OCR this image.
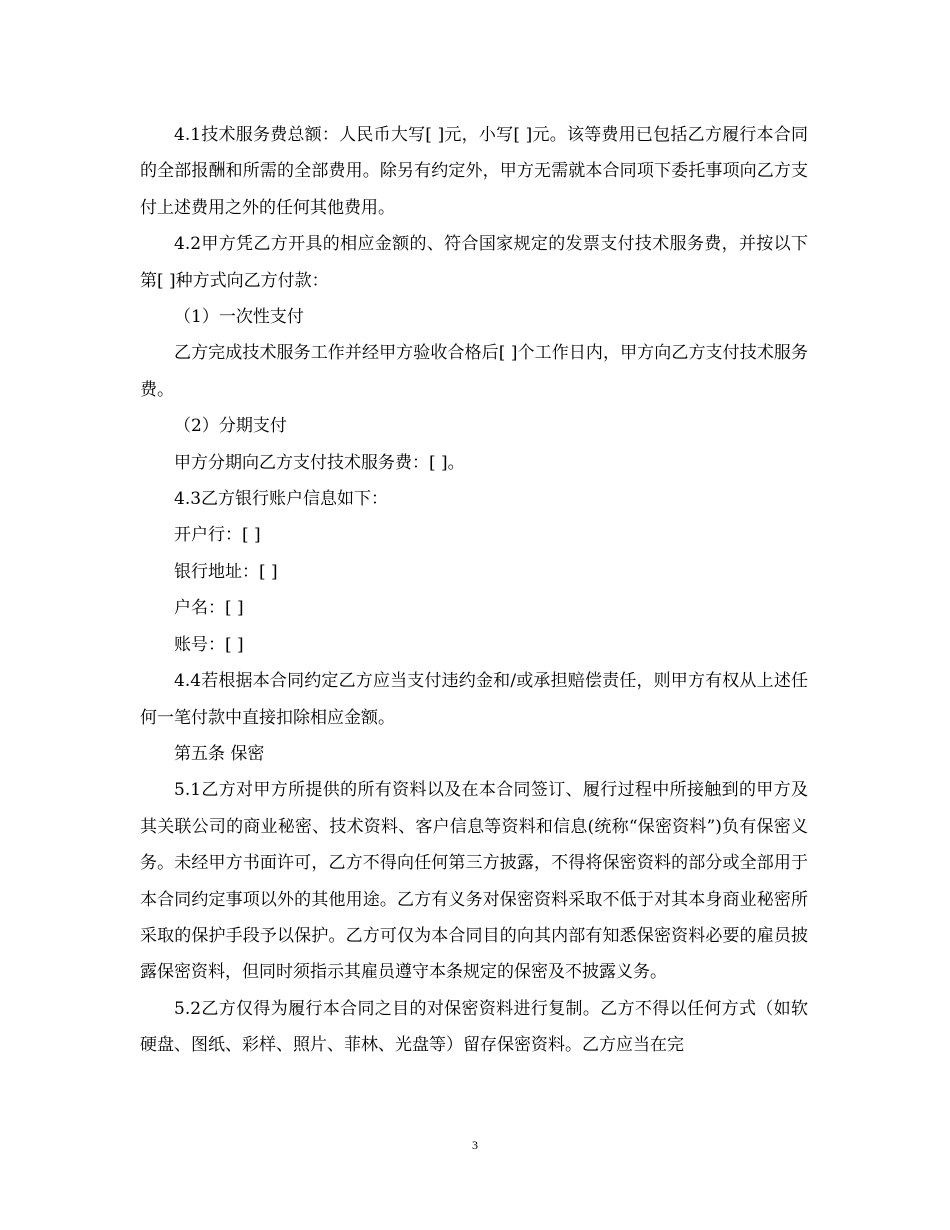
4.1技术服务费总额：人民币大写[ ]元，小写[ ]元。该等费用已包括乙方履行本合同的全部报酬和所需的全部费用。除另有约定外，甲方无需就本合同项下委托事项向乙方支付上述费用之外的任何其他费用。

4.2甲方凭乙方开具的相应金额的、符合国家规定的发票支付技术服务费，并按以下第[ ]种方式向乙方付款：

（1）一次性支付

乙方完成技术服务工作并经甲方验收合格后[ ]个工作日内，甲方向乙方支付技术服务费。

（2）分期支付

甲方分期向乙方支付技术服务费：[ ]。

4.3乙方银行账户信息如下：

开户行：[ ]

银行地址：[ ]

户名：[ ]

账号：[ ]

4.4若根据本合同约定乙方应当支付违约金和/或承担赔偿责任，则甲方有权从上述任何一笔付款中直接扣除相应金额。

第五条 保密

5.1乙方对甲方所提供的所有资料以及在本合同签订、履行过程中所接触到的甲方及其关联公司的商业秘密、技术资料、客户信息等资料和信息(统称“保密资料”)负有保密义务。未经甲方书面许可，乙方不得向任何第三方披露，不得将保密资料的部分或全部用于本合同约定事项以外的其他用途。乙方有义务对保密资料采取不低于对其本身商业秘密所采取的保护手段予以保护。乙方可仅为本合同目的向其内部有知悉保密资料必要的雇员披露保密资料，但同时须指示其雇员遵守本条规定的保密及不披露义务。

5.2乙方仅得为履行本合同之目的对保密资料进行复制。乙方不得以任何方式（如软硬盘、图纸、彩样、照片、菲林、光盘等）留存保密资料。乙方应当在完

3
